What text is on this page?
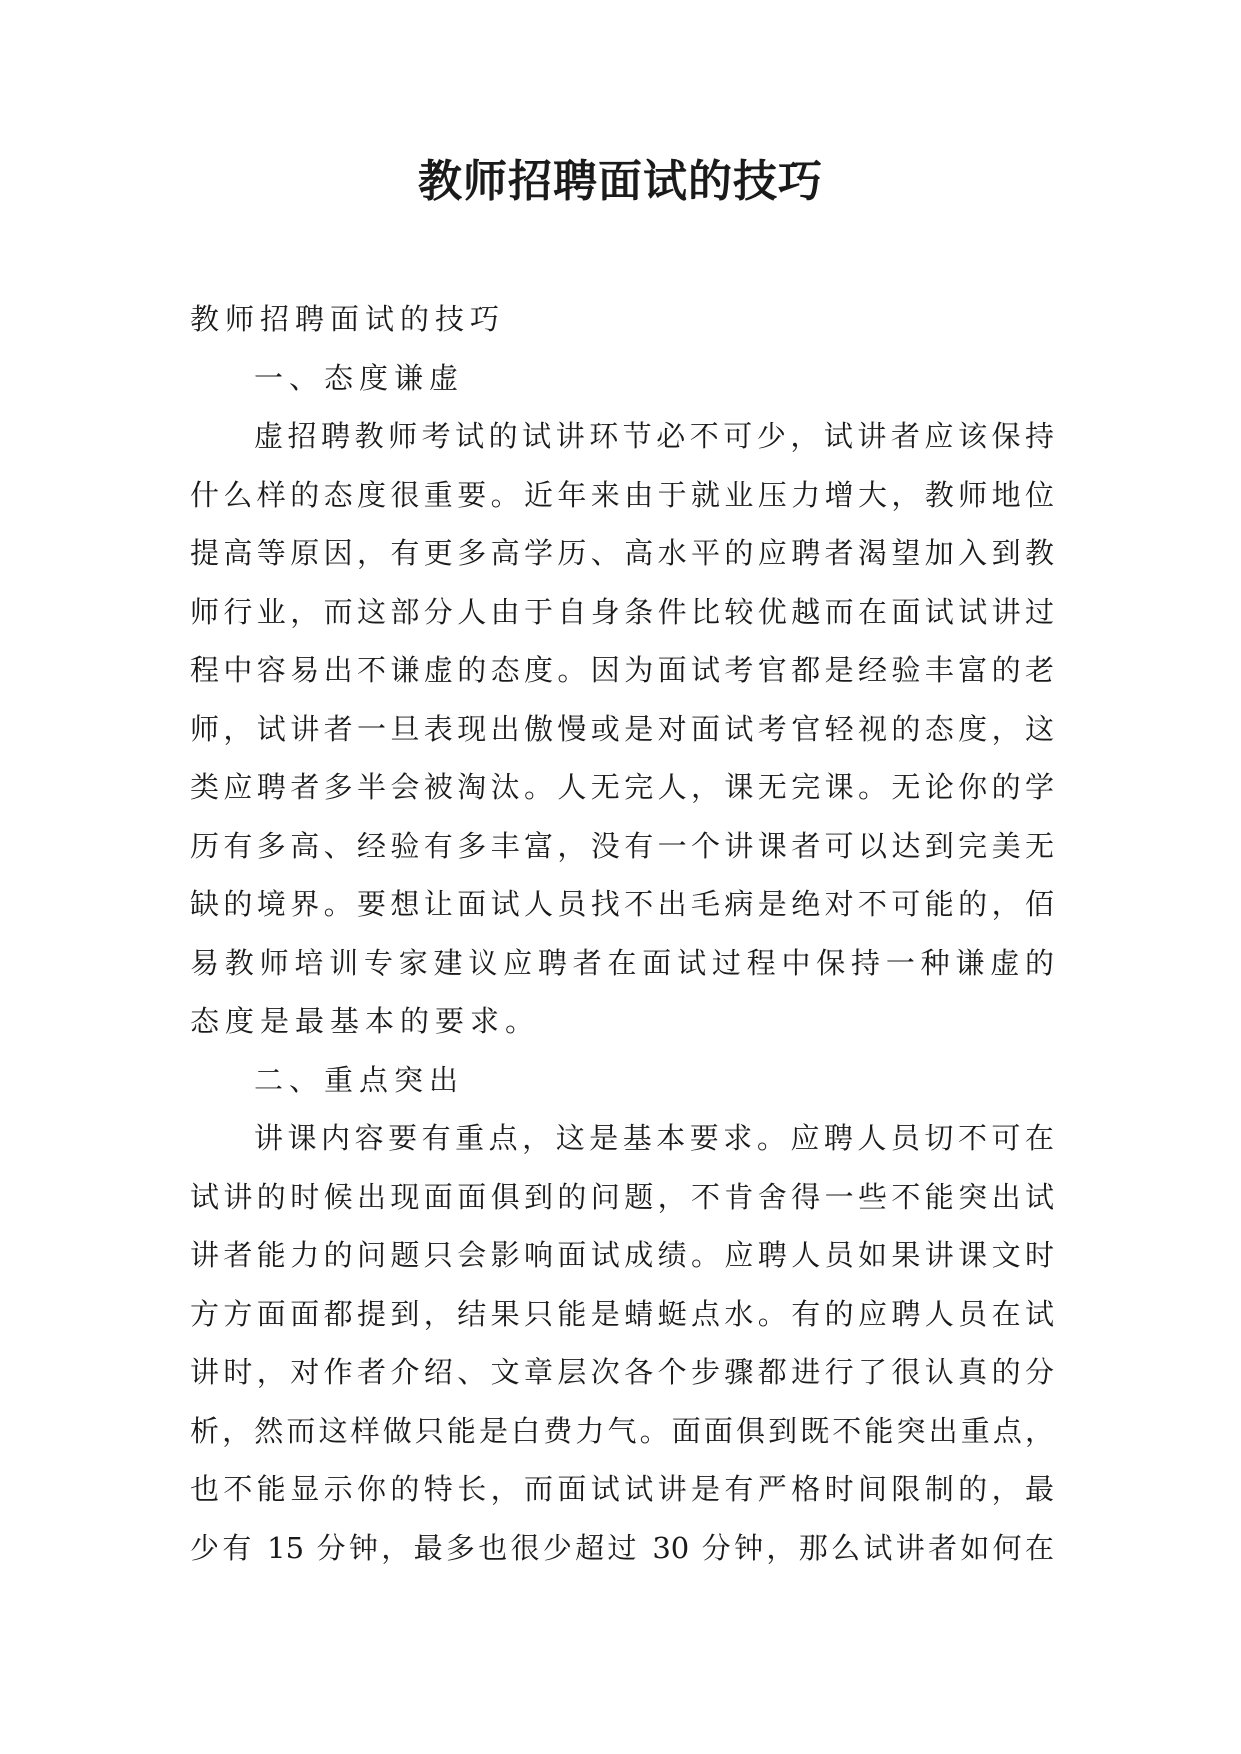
教师招聘面试的技巧
教师招聘面试的技巧
一、态度谦虚
虚招聘教师考试的试讲环节必不可少，试讲者应该保持
什么样的态度很重要。近年来由于就业压力增大，教师地位
提高等原因，有更多高学历、高水平的应聘者渴望加入到教
师行业，而这部分人由于自身条件比较优越而在面试试讲过
程中容易出不谦虚的态度。因为面试考官都是经验丰富的老
师，试讲者一旦表现出傲慢或是对面试考官轻视的态度，这
类应聘者多半会被淘汰。人无完人，课无完课。无论你的学
历有多高、经验有多丰富，没有一个讲课者可以达到完美无
缺的境界。要想让面试人员找不出毛病是绝对不可能的，佰
易教师培训专家建议应聘者在面试过程中保持一种谦虚的
态度是最基本的要求。
二、重点突出
讲课内容要有重点，这是基本要求。应聘人员切不可在
试讲的时候出现面面俱到的问题，不肯舍得一些不能突出试
讲者能力的问题只会影响面试成绩。应聘人员如果讲课文时
方方面面都提到，结果只能是蜻蜓点水。有的应聘人员在试
讲时，对作者介绍、文章层次各个步骤都进行了很认真的分
析，然而这样做只能是白费力气。面面俱到既不能突出重点，
也不能显示你的特长，而面试试讲是有严格时间限制的，最
少有 15 分钟，最多也很少超过 30 分钟，那么试讲者如何在
